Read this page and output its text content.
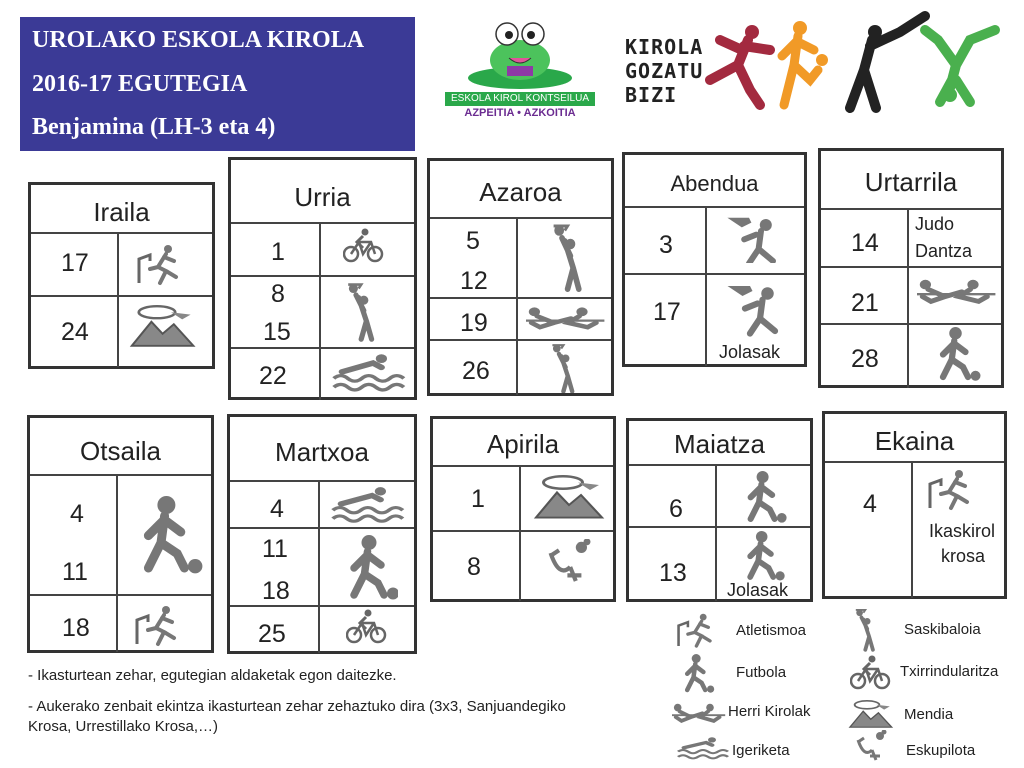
UROLAKO ESKOLA KIROLA
2016-17 EGUTEGIA
Benjamina (LH-3 eta 4)
ESKOLA KIROL KONTSEILUA
AZPEITIA • AZKOITIA
KIROLA
GOZATU
BIZI
Iraila
17
24
Urria
1
8
15
22
Azaroa
5
12
19
26
Abendua
3
17
Jolasak
Urtarrila
14
21
28
Judo
Dantza
Otsaila
4
11
18
Martxoa
4
11
18
25
Apirila
1
8
Maiatza
6
13
Jolasak
Ekaina
4
Ikaskirol
krosa
Atletismoa
Futbola
Herri Kirolak
Igeriketa
Saskibaloia
Txirrindularitza
Mendia
Eskupilota
- Ikasturtean zehar, egutegian aldaketak egon daitezke.
- Aukerako zenbait ekintza ikasturtean zehar zehaztuko dira (3x3, Sanjuandegiko
Krosa, Urrestillako Krosa,…)
